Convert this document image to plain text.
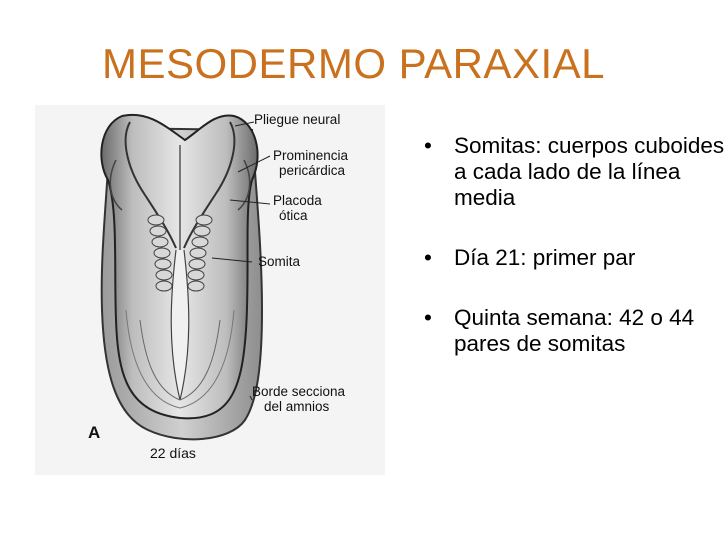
MESODERMO PARAXIAL
Pliegue neural
Prominencia
pericárdica
Placoda
ótica
Somita
Borde secciona
del amnios
A
22 días
• Somitas: cuerpos cuboides a cada lado de la línea media
• Día 21: primer par
• Quinta semana: 42 o 44 pares de somitas
